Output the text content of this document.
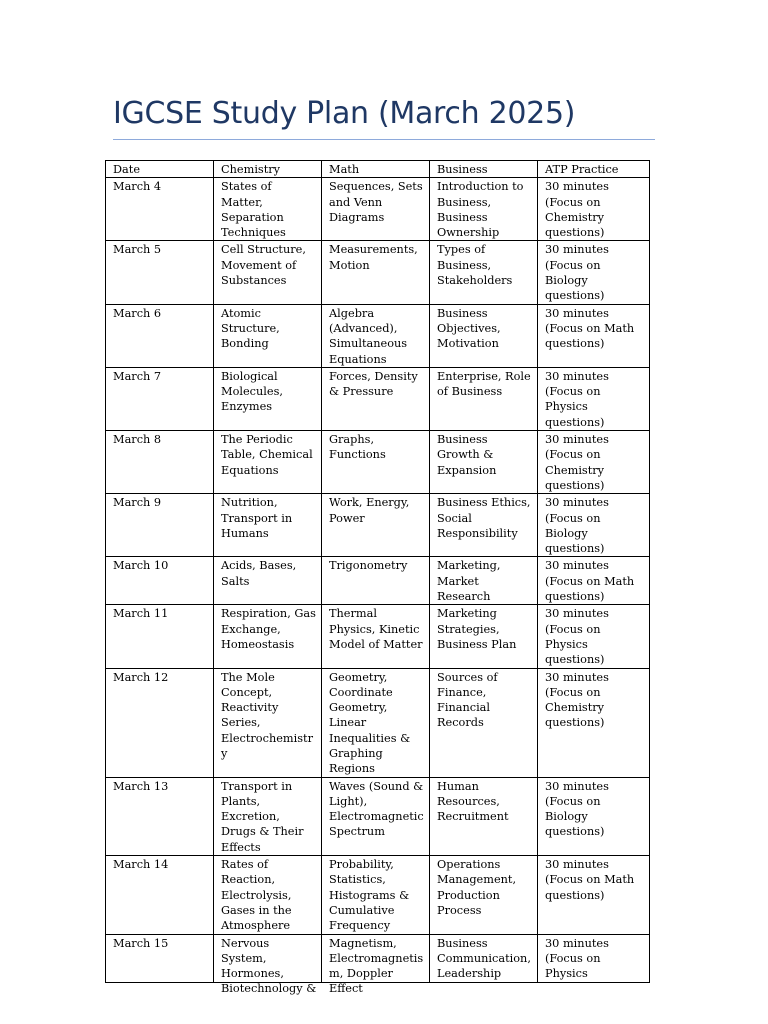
IGCSE Study Plan (March 2025)
Date	Chemistry	Math	Business	ATP Practice
March 4	States of Matter, Separation Techniques	Sequences, Sets and Venn Diagrams	Introduction to Business, Business Ownership	30 minutes (Focus on Chemistry questions)
March 5	Cell Structure, Movement of Substances	Measurements, Motion	Types of Business, Stakeholders	30 minutes (Focus on Biology questions)
March 6	Atomic Structure, Bonding	Algebra (Advanced), Simultaneous Equations	Business Objectives, Motivation	30 minutes (Focus on Math questions)
March 7	Biological Molecules, Enzymes	Forces, Density & Pressure	Enterprise, Role of Business	30 minutes (Focus on Physics questions)
March 8	The Periodic Table, Chemical Equations	Graphs, Functions	Business Growth & Expansion	30 minutes (Focus on Chemistry questions)
March 9	Nutrition, Transport in Humans	Work, Energy, Power	Business Ethics, Social Responsibility	30 minutes (Focus on Biology questions)
March 10	Acids, Bases, Salts	Trigonometry	Marketing, Market Research	30 minutes (Focus on Math questions)
March 11	Respiration, Gas Exchange, Homeostasis	Thermal Physics, Kinetic Model of Matter	Marketing Strategies, Business Plan	30 minutes (Focus on Physics questions)
March 12	The Mole Concept, Reactivity Series, Electrochemistry	Geometry, Coordinate Geometry, Linear Inequalities & Graphing Regions	Sources of Finance, Financial Records	30 minutes (Focus on Chemistry questions)
March 13	Transport in Plants, Excretion, Drugs & Their Effects	Waves (Sound & Light), Electromagnetic Spectrum	Human Resources, Recruitment	30 minutes (Focus on Biology questions)
March 14	Rates of Reaction, Electrolysis, Gases in the Atmosphere	Probability, Statistics, Histograms & Cumulative Frequency	Operations Management, Production Process	30 minutes (Focus on Math questions)

March 15	Nervous System, Hormones, Biotechnology &	Magnetism, Electromagnetism, Doppler Effect	Business Communication, Leadership	30 minutes (Focus on Physics
